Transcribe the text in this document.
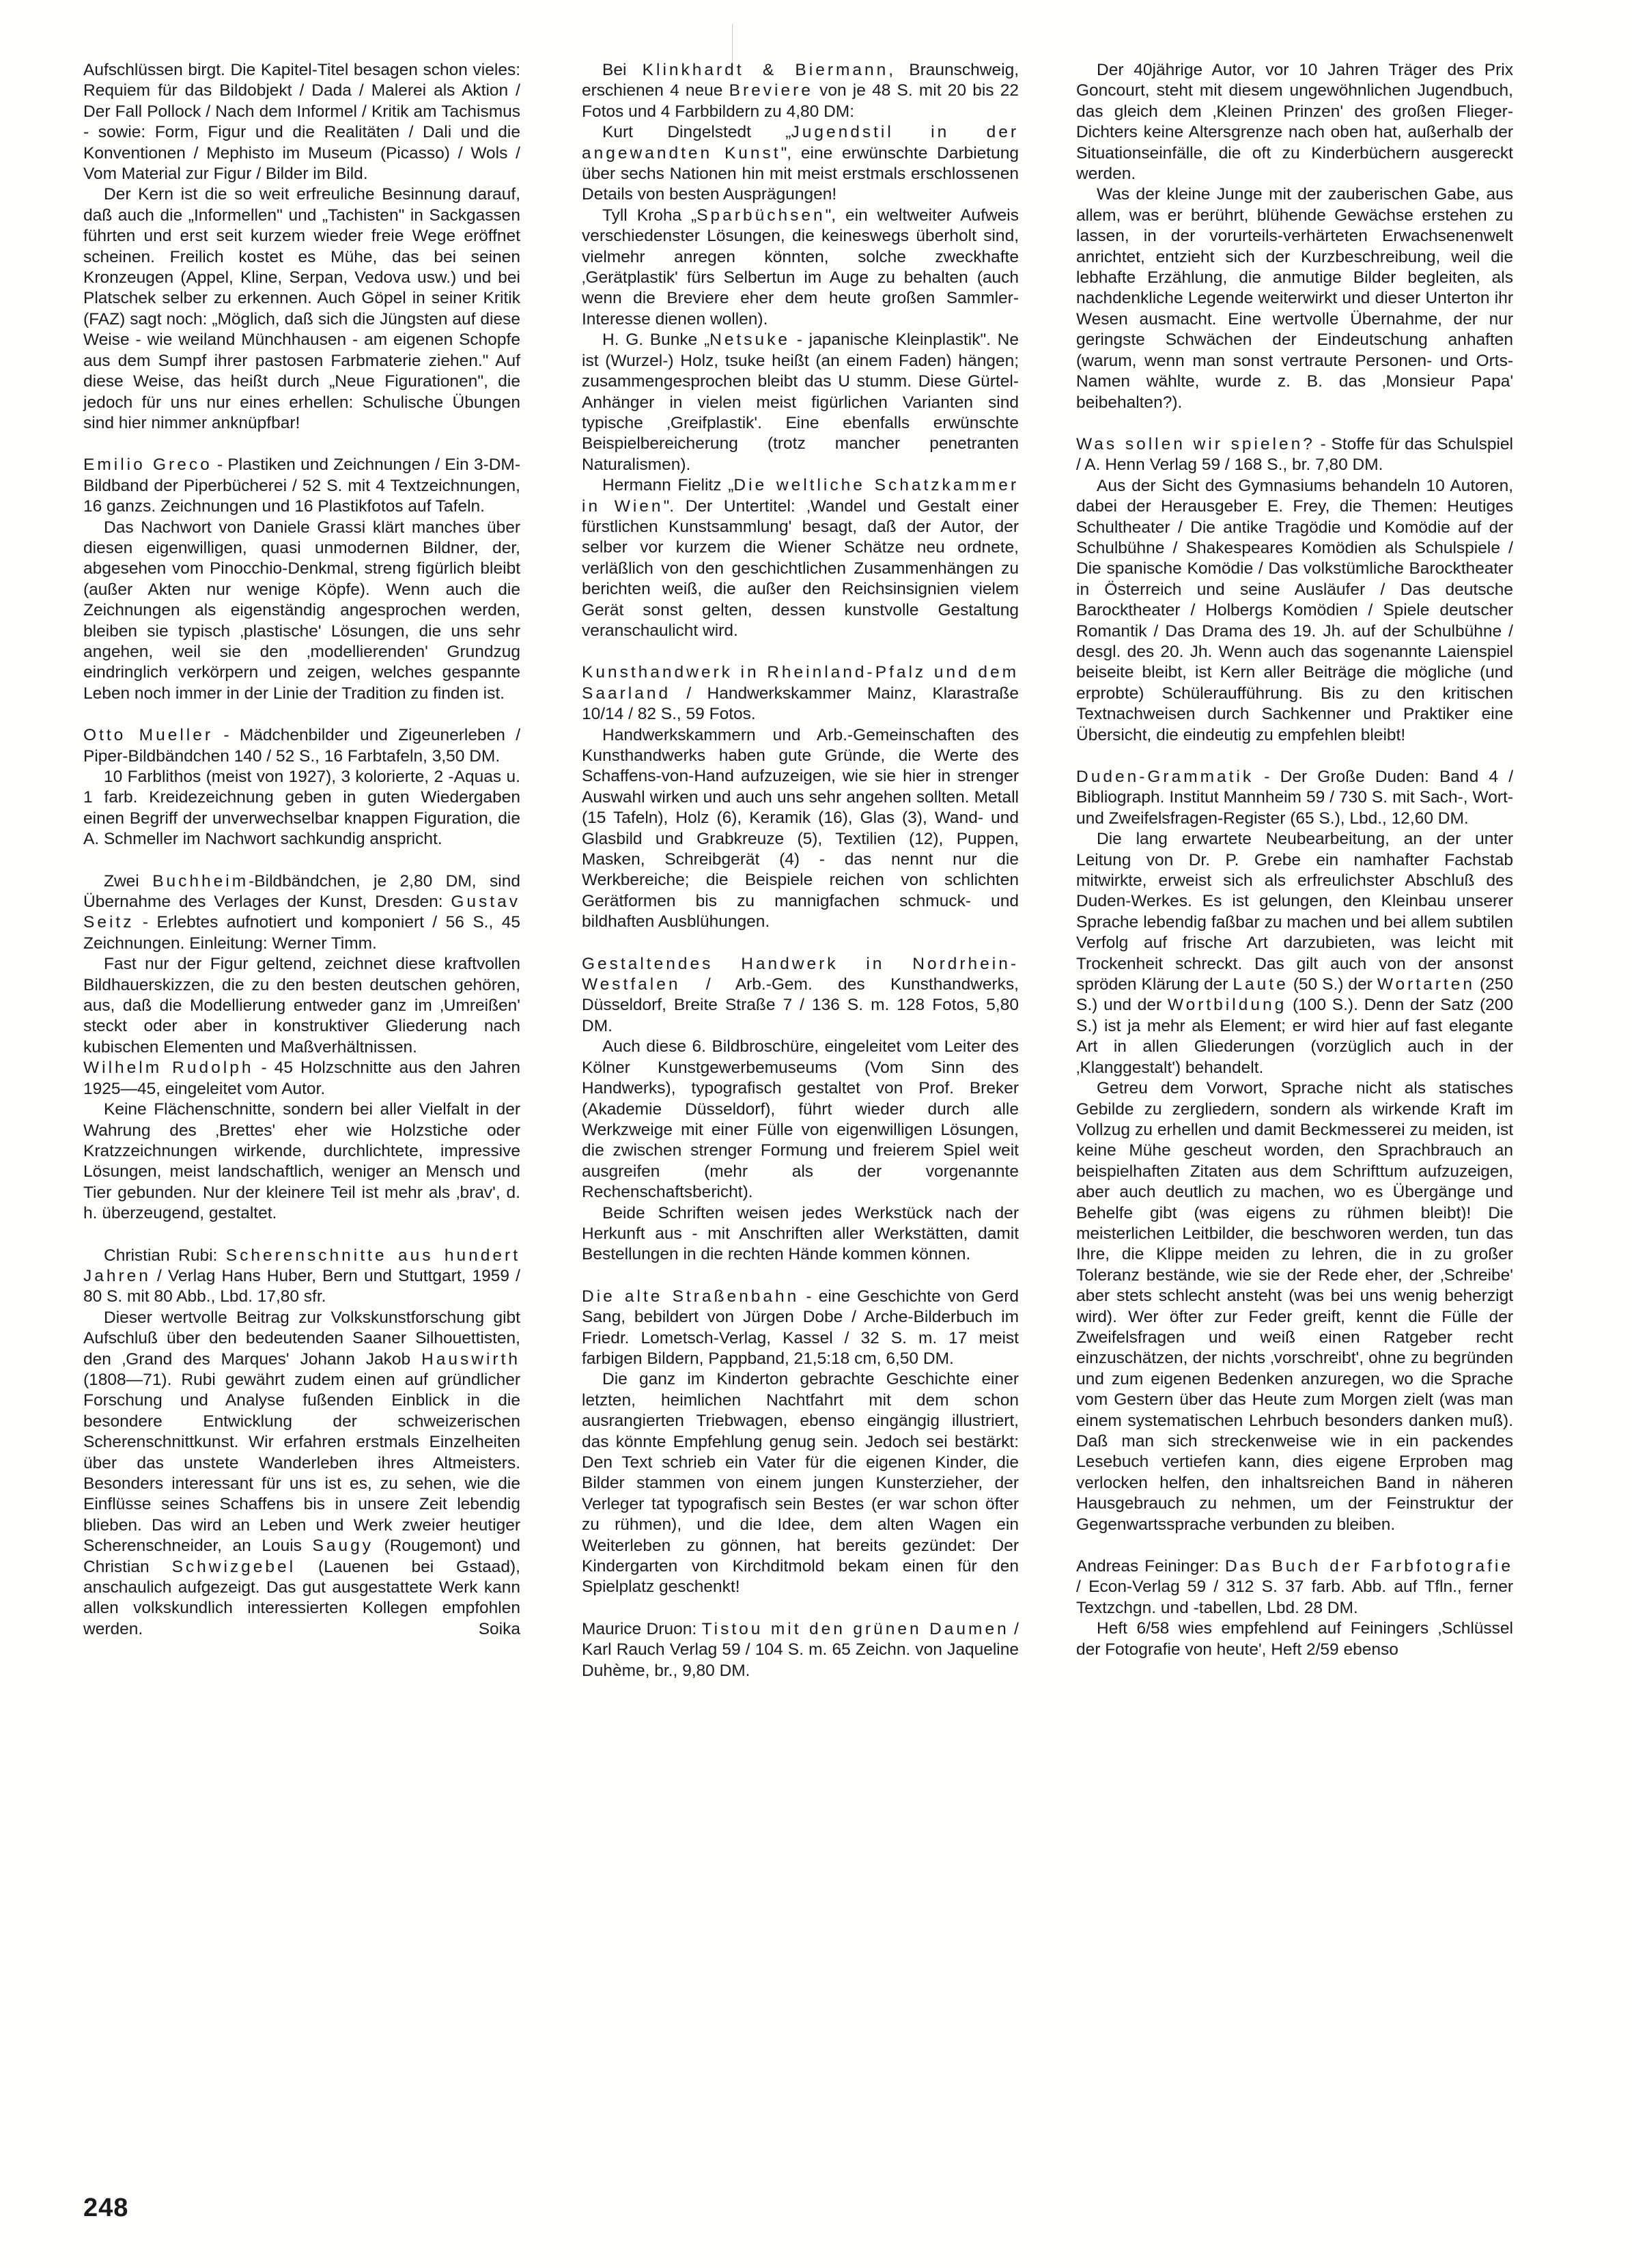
Aufschlüssen birgt. Die Kapitel-Titel besagen schon vieles: Requiem für das Bildobjekt / Dada / Malerei als Aktion / Der Fall Pollock / Nach dem Informel / Kritik am Tachismus - sowie: Form, Figur und die Realitäten / Dali und die Konventionen / Mephisto im Museum (Picasso) / Wols / Vom Material zur Figur / Bilder im Bild.

Der Kern ist die so weit erfreuliche Besinnung darauf, daß auch die „Informellen" und „Tachisten" in Sackgassen führten und erst seit kurzem wieder freie Wege eröffnet scheinen. Freilich kostet es Mühe, das bei seinen Kronzeugen (Appel, Kline, Serpan, Vedova usw.) und bei Platschek selber zu erkennen. Auch Göpel in seiner Kritik (FAZ) sagt noch: „Möglich, daß sich die Jüngsten auf diese Weise - wie weiland Münchhausen - am eigenen Schopfe aus dem Sumpf ihrer pastosen Farbmaterie ziehen." Auf diese Weise, das heißt durch „Neue Figurationen", die jedoch für uns nur eines erhellen: Schulische Übungen sind hier nimmer anknüpfbar!

Emilio Greco - Plastiken und Zeichnungen / Ein 3-DM-Bildband der Piperbücherei / 52 S. mit 4 Textzeichnungen, 16 ganzs. Zeichnungen und 16 Plastikfotos auf Tafeln.

Das Nachwort von Daniele Grassi klärt manches über diesen eigenwilligen, quasi unmodernen Bildner, der, abgesehen vom Pinocchio-Denkmal, streng figürlich bleibt (außer Akten nur wenige Köpfe). Wenn auch die Zeichnungen als eigenständig angesprochen werden, bleiben sie typisch ‚plastische' Lösungen, die uns sehr angehen, weil sie den ‚modellierenden' Grundzug eindringlich verkörpern und zeigen, welches gespannte Leben noch immer in der Linie der Tradition zu finden ist.

Otto Mueller - Mädchenbilder und Zigeunerleben / Piper-Bildbändchen 140 / 52 S., 16 Farbtafeln, 3,50 DM.

10 Farblithos (meist von 1927), 3 kolorierte, 2 -Aquas u. 1 farb. Kreidezeichnung geben in guten Wiedergaben einen Begriff der unverwechselbar knappen Figuration, die A. Schmeller im Nachwort sachkundig anspricht.

Zwei Buchheim-Bildbändchen, je 2,80 DM, sind Übernahme des Verlages der Kunst, Dresden: Gustav Seitz - Erlebtes aufnotiert und komponiert / 56 S., 45 Zeichnungen. Einleitung: Werner Timm.

Fast nur der Figur geltend, zeichnet diese kraftvollen Bildhauerskizzen, die zu den besten deutschen gehören, aus, daß die Modellierung entweder ganz im ‚Umreißen' steckt oder aber in konstruktiver Gliederung nach kubischen Elementen und Maßverhältnissen.

Wilhelm Rudolph - 45 Holzschnitte aus den Jahren 1925—45, eingeleitet vom Autor.

Keine Flächenschnitte, sondern bei aller Vielfalt in der Wahrung des ‚Brettes' eher wie Holzstiche oder Kratzzeichnungen wirkende, durchlichtete, impressive Lösungen, meist landschaftlich, weniger an Mensch und Tier gebunden. Nur der kleinere Teil ist mehr als ‚brav', d. h. überzeugend, gestaltet.

Christian Rubi: Scherenschnitte aus hundert Jahren / Verlag Hans Huber, Bern und Stuttgart, 1959 / 80 S. mit 80 Abb., Lbd. 17,80 sfr.

Dieser wertvolle Beitrag zur Volkskunstforschung gibt Aufschluß über den bedeutenden Saaner Silhouettisten, den ‚Grand des Marques' Johann Jakob Hauswirth (1808—71). Rubi gewährt zudem einen auf gründlicher Forschung und Analyse fußenden Einblick in die besondere Entwicklung der schweizerischen Scherenschnittkunst. Wir erfahren erstmals Einzelheiten über das unstete Wanderleben ihres Altmeisters. Besonders interessant für uns ist es, zu sehen, wie die Einflüsse seines Schaffens bis in unsere Zeit lebendig blieben. Das wird an Leben und Werk zweier heutiger Scherenschneider, an Louis Saugy (Rougemont) und Christian Schwizgebel (Lauenen bei Gstaad), anschaulich aufgezeigt. Das gut ausgestattete Werk kann allen volkskundlich interessierten Kollegen empfohlen werden.	Soika

Bei Klinkhardt & Biermann, Braunschweig, erschienen 4 neue Breviere von je 48 S. mit 20 bis 22 Fotos und 4 Farbbildern zu 4,80 DM:

Kurt Dingelstedt „Jugendstil in der angewandten Kunst", eine erwünschte Darbietung über sechs Nationen hin mit meist erstmals erschlossenen Details von besten Ausprägungen!

Tyll Kroha „Sparbüchsen", ein weltweiter Aufweis verschiedenster Lösungen, die keineswegs überholt sind, vielmehr anregen könnten, solche zweckhafte ‚Gerätplastik' fürs Selbertun im Auge zu behalten (auch wenn die Breviere eher dem heute großen Sammler-Interesse dienen wollen).

H. G. Bunke „Netsuke - japanische Kleinplastik". Ne ist (Wurzel-) Holz, tsuke heißt (an einem Faden) hängen; zusammengesprochen bleibt das U stumm. Diese Gürtel-Anhänger in vielen meist figürlichen Varianten sind typische ‚Greifplastik'. Eine ebenfalls erwünschte Beispielbereicherung (trotz mancher penetranten Naturalismen).

Hermann Fielitz „Die weltliche Schatzkammer in Wien". Der Untertitel: ‚Wandel und Gestalt einer fürstlichen Kunstsammlung' besagt, daß der Autor, der selber vor kurzem die Wiener Schätze neu ordnete, verläßlich von den geschichtlichen Zusammenhängen zu berichten weiß, die außer den Reichsinsignien vielem Gerät sonst gelten, dessen kunstvolle Gestaltung veranschaulicht wird.

Kunsthandwerk in Rheinland-Pfalz und dem Saarland / Handwerkskammer Mainz, Klarastraße 10/14 / 82 S., 59 Fotos.

Handwerkskammern und Arb.-Gemeinschaften des Kunsthandwerks haben gute Gründe, die Werte des Schaffens-von-Hand aufzuzeigen, wie sie hier in strenger Auswahl wirken und auch uns sehr angehen sollten. Metall (15 Tafeln), Holz (6), Keramik (16), Glas (3), Wand- und Glasbild und Grabkreuze (5), Textilien (12), Puppen, Masken, Schreibgerät (4) - das nennt nur die Werkbereiche; die Beispiele reichen von schlichten Gerätformen bis zu mannigfachen schmuck- und bildhaften Ausblühungen.

Gestaltendes Handwerk in Nordrhein-Westfalen / Arb.-Gem. des Kunsthandwerks, Düsseldorf, Breite Straße 7 / 136 S. m. 128 Fotos, 5,80 DM.

Auch diese 6. Bildbroschüre, eingeleitet vom Leiter des Kölner Kunstgewerbemuseums (Vom Sinn des Handwerks), typografisch gestaltet von Prof. Breker (Akademie Düsseldorf), führt wieder durch alle Werkzweige mit einer Fülle von eigenwilligen Lösungen, die zwischen strenger Formung und freierem Spiel weit ausgreifen (mehr als der vorgenannte Rechenschaftsbericht).

Beide Schriften weisen jedes Werkstück nach der Herkunft aus - mit Anschriften aller Werkstätten, damit Bestellungen in die rechten Hände kommen können.

Die alte Straßenbahn - eine Geschichte von Gerd Sang, bebildert von Jürgen Dobe / Arche-Bilderbuch im Friedr. Lometsch-Verlag, Kassel / 32 S. m. 17 meist farbigen Bildern, Pappband, 21,5:18 cm, 6,50 DM.

Die ganz im Kinderton gebrachte Geschichte einer letzten, heimlichen Nachtfahrt mit dem schon ausrangierten Triebwagen, ebenso eingängig illustriert, das könnte Empfehlung genug sein. Jedoch sei bestärkt: Den Text schrieb ein Vater für die eigenen Kinder, die Bilder stammen von einem jungen Kunsterzieher, der Verleger tat typografisch sein Bestes (er war schon öfter zu rühmen), und die Idee, dem alten Wagen ein Weiterleben zu gönnen, hat bereits gezündet: Der Kindergarten von Kirchditmold bekam einen für den Spielplatz geschenkt!

Maurice Druon: Tistou mit den grünen Daumen / Karl Rauch Verlag 59 / 104 S. m. 65 Zeichn. von Jaqueline Duhème, br., 9,80 DM.

Der 40jährige Autor, vor 10 Jahren Träger des Prix Goncourt, steht mit diesem ungewöhnlichen Jugendbuch, das gleich dem ‚Kleinen Prinzen' des großen Flieger-Dichters keine Altersgrenze nach oben hat, außerhalb der Situationseinfälle, die oft zu Kinderbüchern ausgereckt werden.

Was der kleine Junge mit der zauberischen Gabe, aus allem, was er berührt, blühende Gewächse erstehen zu lassen, in der vorurteils-verhärteten Erwachsenenwelt anrichtet, entzieht sich der Kurzbeschreibung, weil die lebhafte Erzählung, die anmutige Bilder begleiten, als nachdenkliche Legende weiterwirkt und dieser Unterton ihr Wesen ausmacht. Eine wertvolle Übernahme, der nur geringste Schwächen der Eindeutschung anhaften (warum, wenn man sonst vertraute Personen- und Orts-Namen wählte, wurde z. B. das ‚Monsieur Papa' beibehalten?).

Was sollen wir spielen? - Stoffe für das Schulspiel / A. Henn Verlag 59 / 168 S., br. 7,80 DM.

Aus der Sicht des Gymnasiums behandeln 10 Autoren, dabei der Herausgeber E. Frey, die Themen: Heutiges Schultheater / Die antike Tragödie und Komödie auf der Schulbühne / Shakespeares Komödien als Schulspiele / Die spanische Komödie / Das volkstümliche Barocktheater in Österreich und seine Ausläufer / Das deutsche Barocktheater / Holbergs Komödien / Spiele deutscher Romantik / Das Drama des 19. Jh. auf der Schulbühne / desgl. des 20. Jh. Wenn auch das sogenannte Laienspiel beiseite bleibt, ist Kern aller Beiträge die mögliche (und erprobte) Schüleraufführung. Bis zu den kritischen Textnachweisen durch Sachkenner und Praktiker eine Übersicht, die eindeutig zu empfehlen bleibt!

Duden-Grammatik - Der Große Duden: Band 4 / Bibliograph. Institut Mannheim 59 / 730 S. mit Sach-, Wort- und Zweifelsfragen-Register (65 S.), Lbd., 12,60 DM.

Die lang erwartete Neubearbeitung, an der unter Leitung von Dr. P. Grebe ein namhafter Fachstab mitwirkte, erweist sich als erfreulichster Abschluß des Duden-Werkes. Es ist gelungen, den Kleinbau unserer Sprache lebendig faßbar zu machen und bei allem subtilen Verfolg auf frische Art darzubieten, was leicht mit Trockenheit schreckt. Das gilt auch von der ansonst spröden Klärung der Laute (50 S.) der Wortarten (250 S.) und der Wortbildung (100 S.). Denn der Satz (200 S.) ist ja mehr als Element; er wird hier auf fast elegante Art in allen Gliederungen (vorzüglich auch in der ‚Klanggestalt') behandelt.

Getreu dem Vorwort, Sprache nicht als statisches Gebilde zu zergliedern, sondern als wirkende Kraft im Vollzug zu erhellen und damit Beckmesserei zu meiden, ist keine Mühe gescheut worden, den Sprachbrauch an beispielhaften Zitaten aus dem Schrifttum aufzuzeigen, aber auch deutlich zu machen, wo es Übergänge und Behelfe gibt (was eigens zu rühmen bleibt)! Die meisterlichen Leitbilder, die beschworen werden, tun das Ihre, die Klippe meiden zu lehren, die in zu großer Toleranz bestände, wie sie der Rede eher, der ‚Schreibe' aber stets schlecht ansteht (was bei uns wenig beherzigt wird). Wer öfter zur Feder greift, kennt die Fülle der Zweifelsfragen und weiß einen Ratgeber recht einzuschätzen, der nichts ‚vorschreibt', ohne zu begründen und zum eigenen Bedenken anzuregen, wo die Sprache vom Gestern über das Heute zum Morgen zielt (was man einem systematischen Lehrbuch besonders danken muß). Daß man sich streckenweise wie in ein packendes Lesebuch vertiefen kann, dies eigene Erproben mag verlocken helfen, den inhaltsreichen Band in näheren Hausgebrauch zu nehmen, um der Feinstruktur der Gegenwartssprache verbunden zu bleiben.

Andreas Feininger: Das Buch der Farbfotografie / Econ-Verlag 59 / 312 S. 37 farb. Abb. auf Tfln., ferner Textzchgn. und -tabellen, Lbd. 28 DM.

Heft 6/58 wies empfehlend auf Feiningers ‚Schlüssel der Fotografie von heute', Heft 2/59 ebenso

248
